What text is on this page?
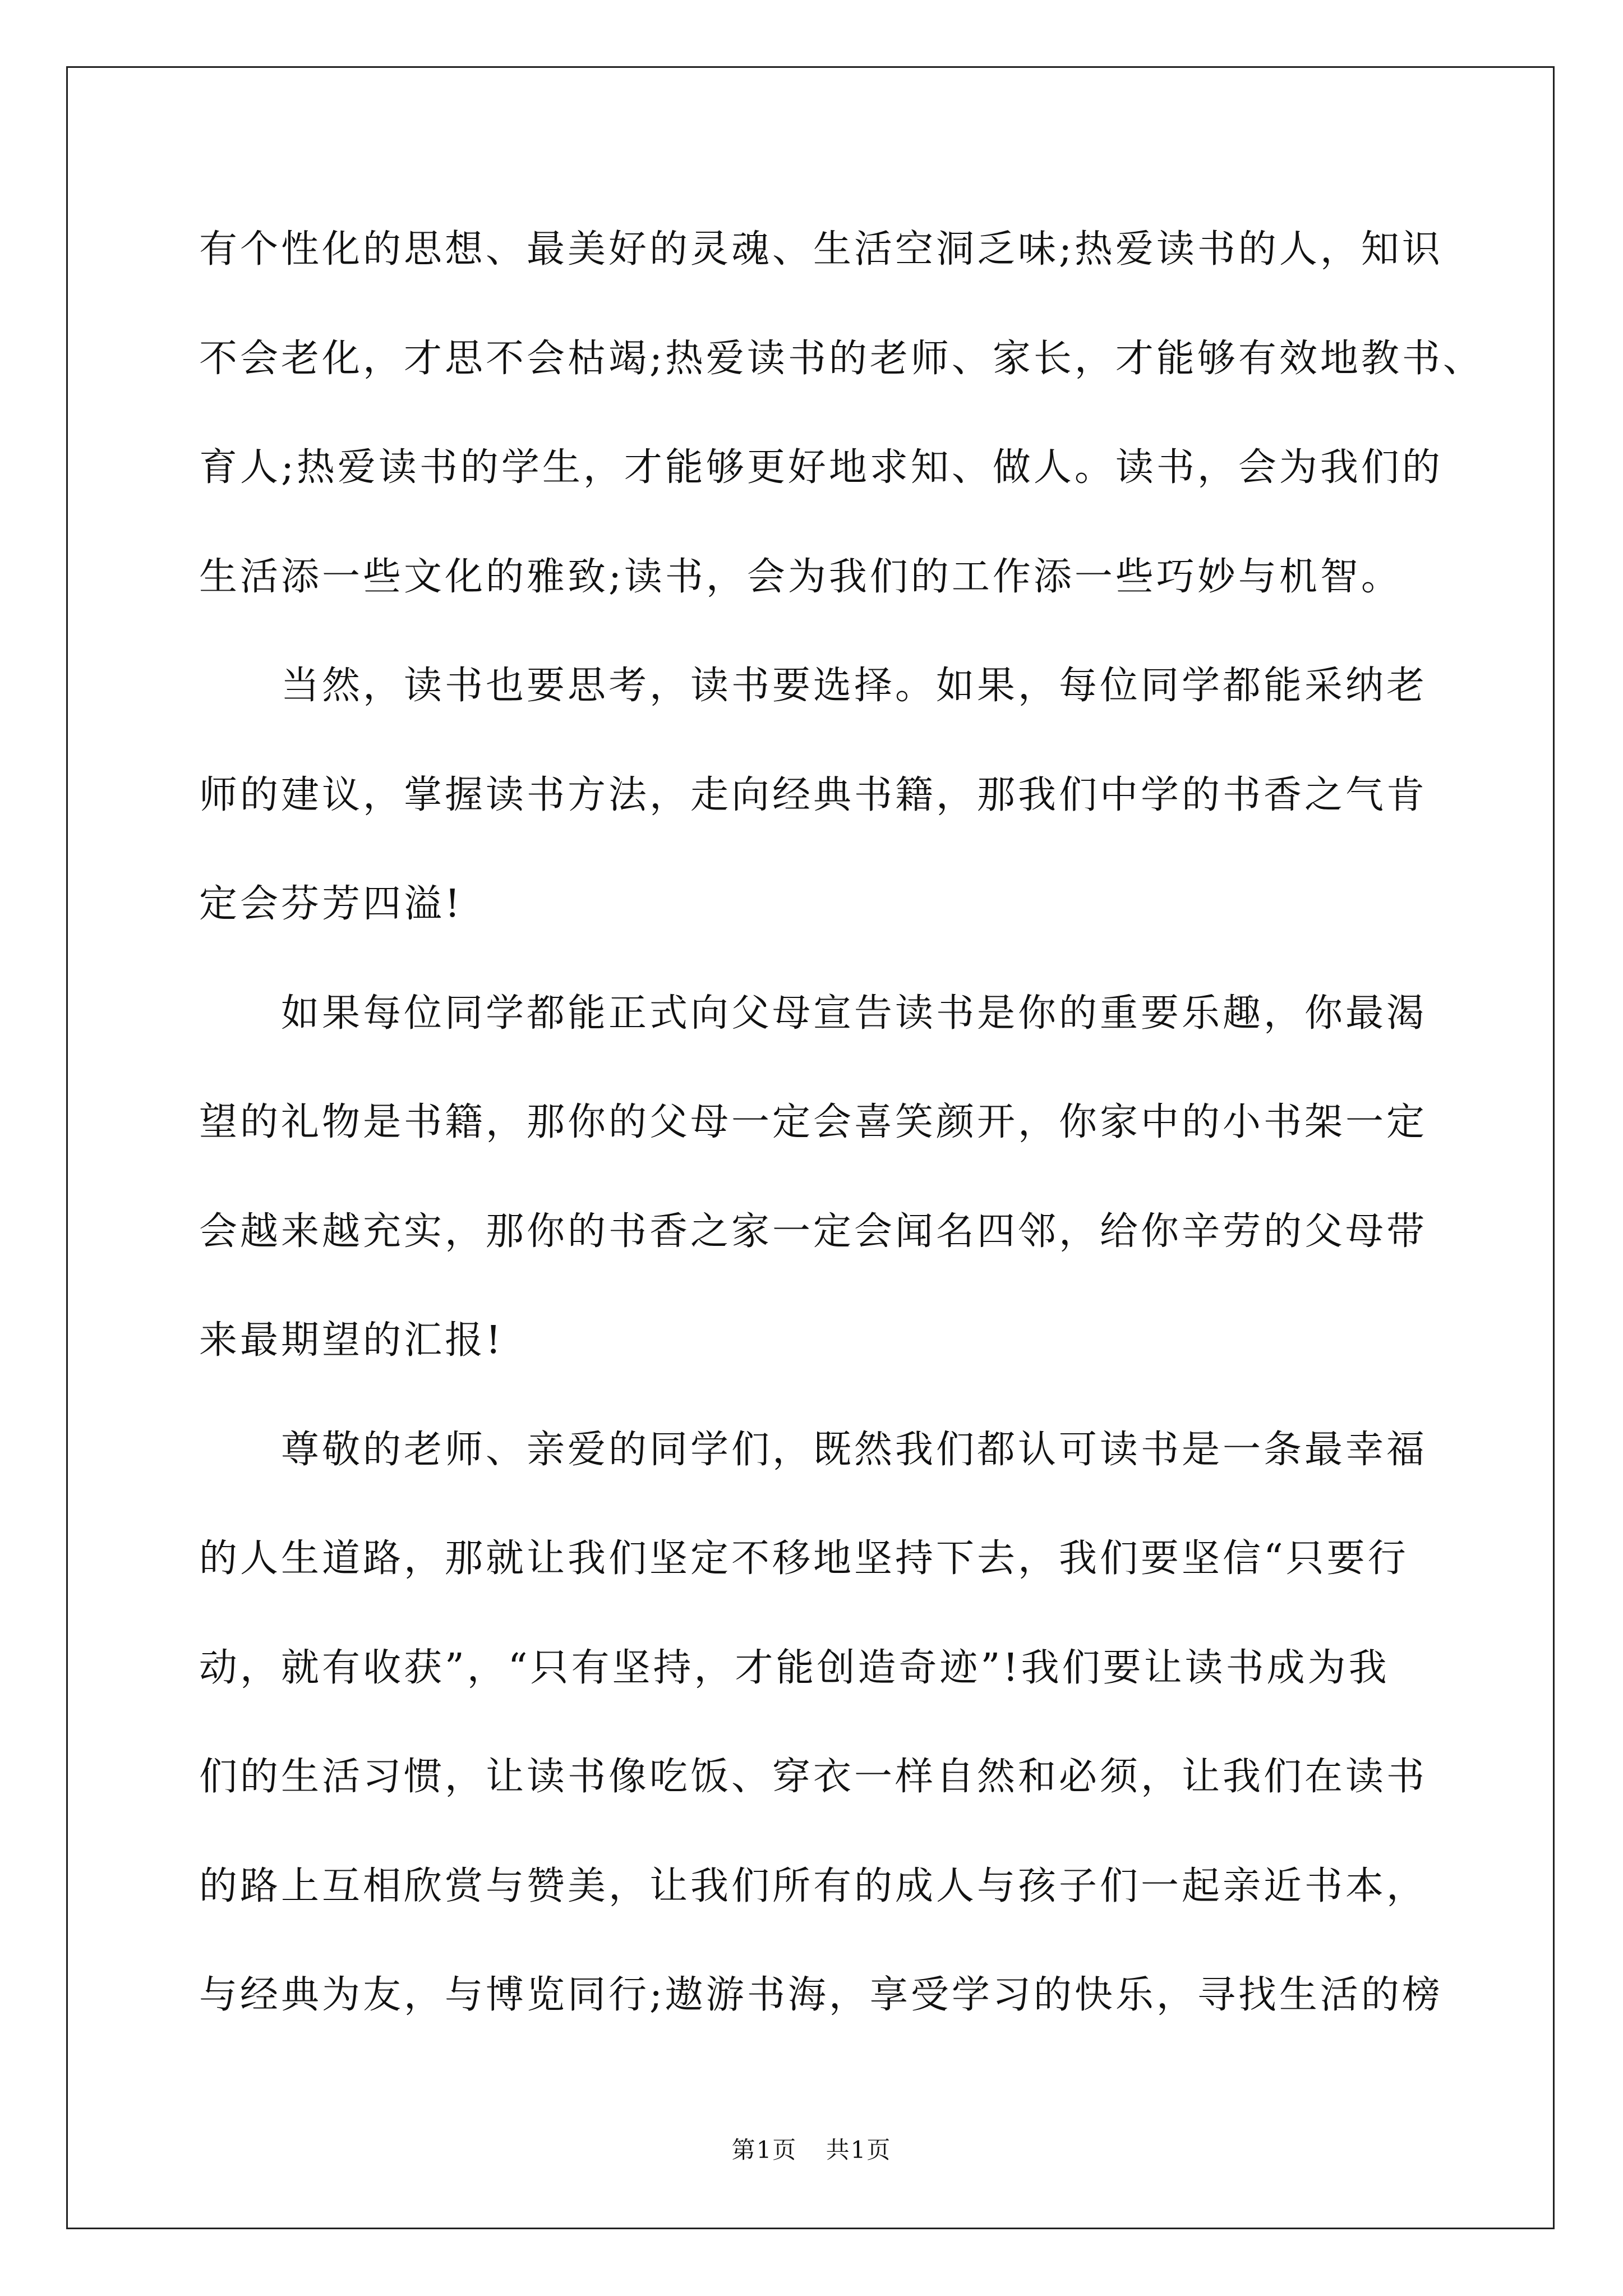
有个性化的思想、最美好的灵魂、生活空洞乏味;热爱读书的人，知识
不会老化，才思不会枯竭;热爱读书的老师、家长，才能够有效地教书、
育人;热爱读书的学生，才能够更好地求知、做人。读书，会为我们的
生活添一些文化的雅致;读书，会为我们的工作添一些巧妙与机智。
当然，读书也要思考，读书要选择。如果，每位同学都能采纳老
师的建议，掌握读书方法，走向经典书籍，那我们中学的书香之气肯
定会芬芳四溢!
如果每位同学都能正式向父母宣告读书是你的重要乐趣，你最渴
望的礼物是书籍，那你的父母一定会喜笑颜开，你家中的小书架一定
会越来越充实，那你的书香之家一定会闻名四邻，给你辛劳的父母带
来最期望的汇报!
尊敬的老师、亲爱的同学们，既然我们都认可读书是一条最幸福
的人生道路，那就让我们坚定不移地坚持下去，我们要坚信“只要行
动，就有收获”，“只有坚持，才能创造奇迹”!我们要让读书成为我
们的生活习惯，让读书像吃饭、穿衣一样自然和必须，让我们在读书
的路上互相欣赏与赞美，让我们所有的成人与孩子们一起亲近书本，
与经典为友，与博览同行;遨游书海，享受学习的快乐，寻找生活的榜
第1页 共1页
